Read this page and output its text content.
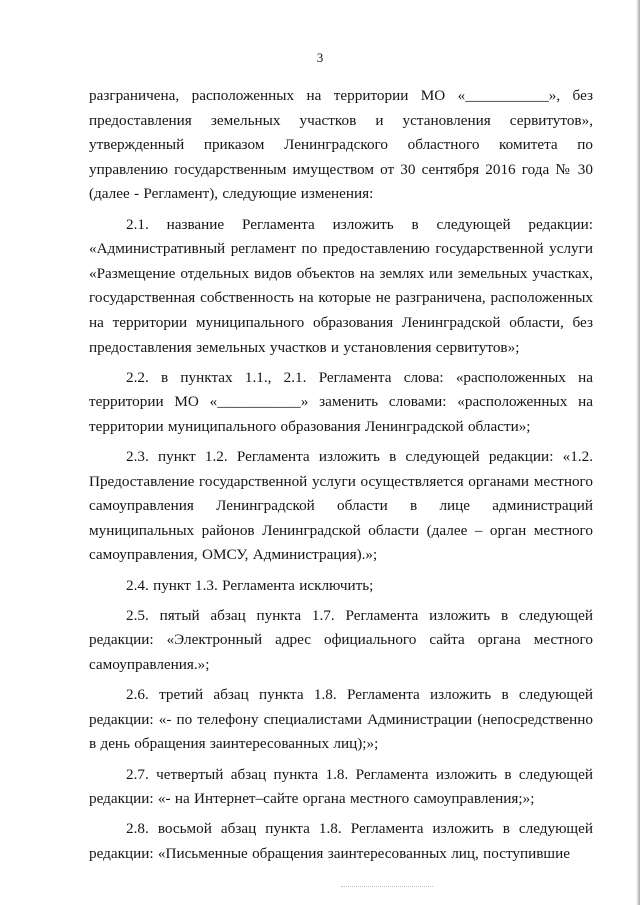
3

разграничена, расположенных на территории МО «___________», без предоставления земельных участков и установления сервитутов», утвержденный приказом Ленинградского областного комитета по управлению государственным имуществом от 30 сентября 2016 года № 30 (далее - Регламент), следующие изменения:

2.1. название Регламента изложить в следующей редакции: «Административный регламент по предоставлению государственной услуги «Размещение отдельных видов объектов на землях или земельных участках, государственная собственность на которые не разграничена, расположенных на территории муниципального образования Ленинградской области, без предоставления земельных участков и установления сервитутов»;

2.2. в пунктах 1.1., 2.1. Регламента слова: «расположенных на территории МО «___________» заменить словами: «расположенных на территории муниципального образования Ленинградской области»;

2.3. пункт 1.2. Регламента изложить в следующей редакции: «1.2. Предоставление государственной услуги осуществляется органами местного самоуправления Ленинградской области в лице администраций муниципальных районов Ленинградской области (далее – орган местного самоуправления, ОМСУ, Администрация).»;

2.4. пункт 1.3. Регламента исключить;

2.5. пятый абзац пункта 1.7. Регламента изложить в следующей редакции: «Электронный адрес официального сайта органа местного самоуправления.»;

2.6. третий абзац пункта 1.8. Регламента изложить в следующей редакции: «- по телефону специалистами Администрации (непосредственно в день обращения заинтересованных лиц);»;

2.7. четвертый абзац пункта 1.8. Регламента изложить в следующей редакции: «- на Интернет–сайте органа местного самоуправления;»;

2.8. восьмой абзац пункта 1.8. Регламента изложить в следующей редакции: «Письменные обращения заинтересованных лиц, поступившие
